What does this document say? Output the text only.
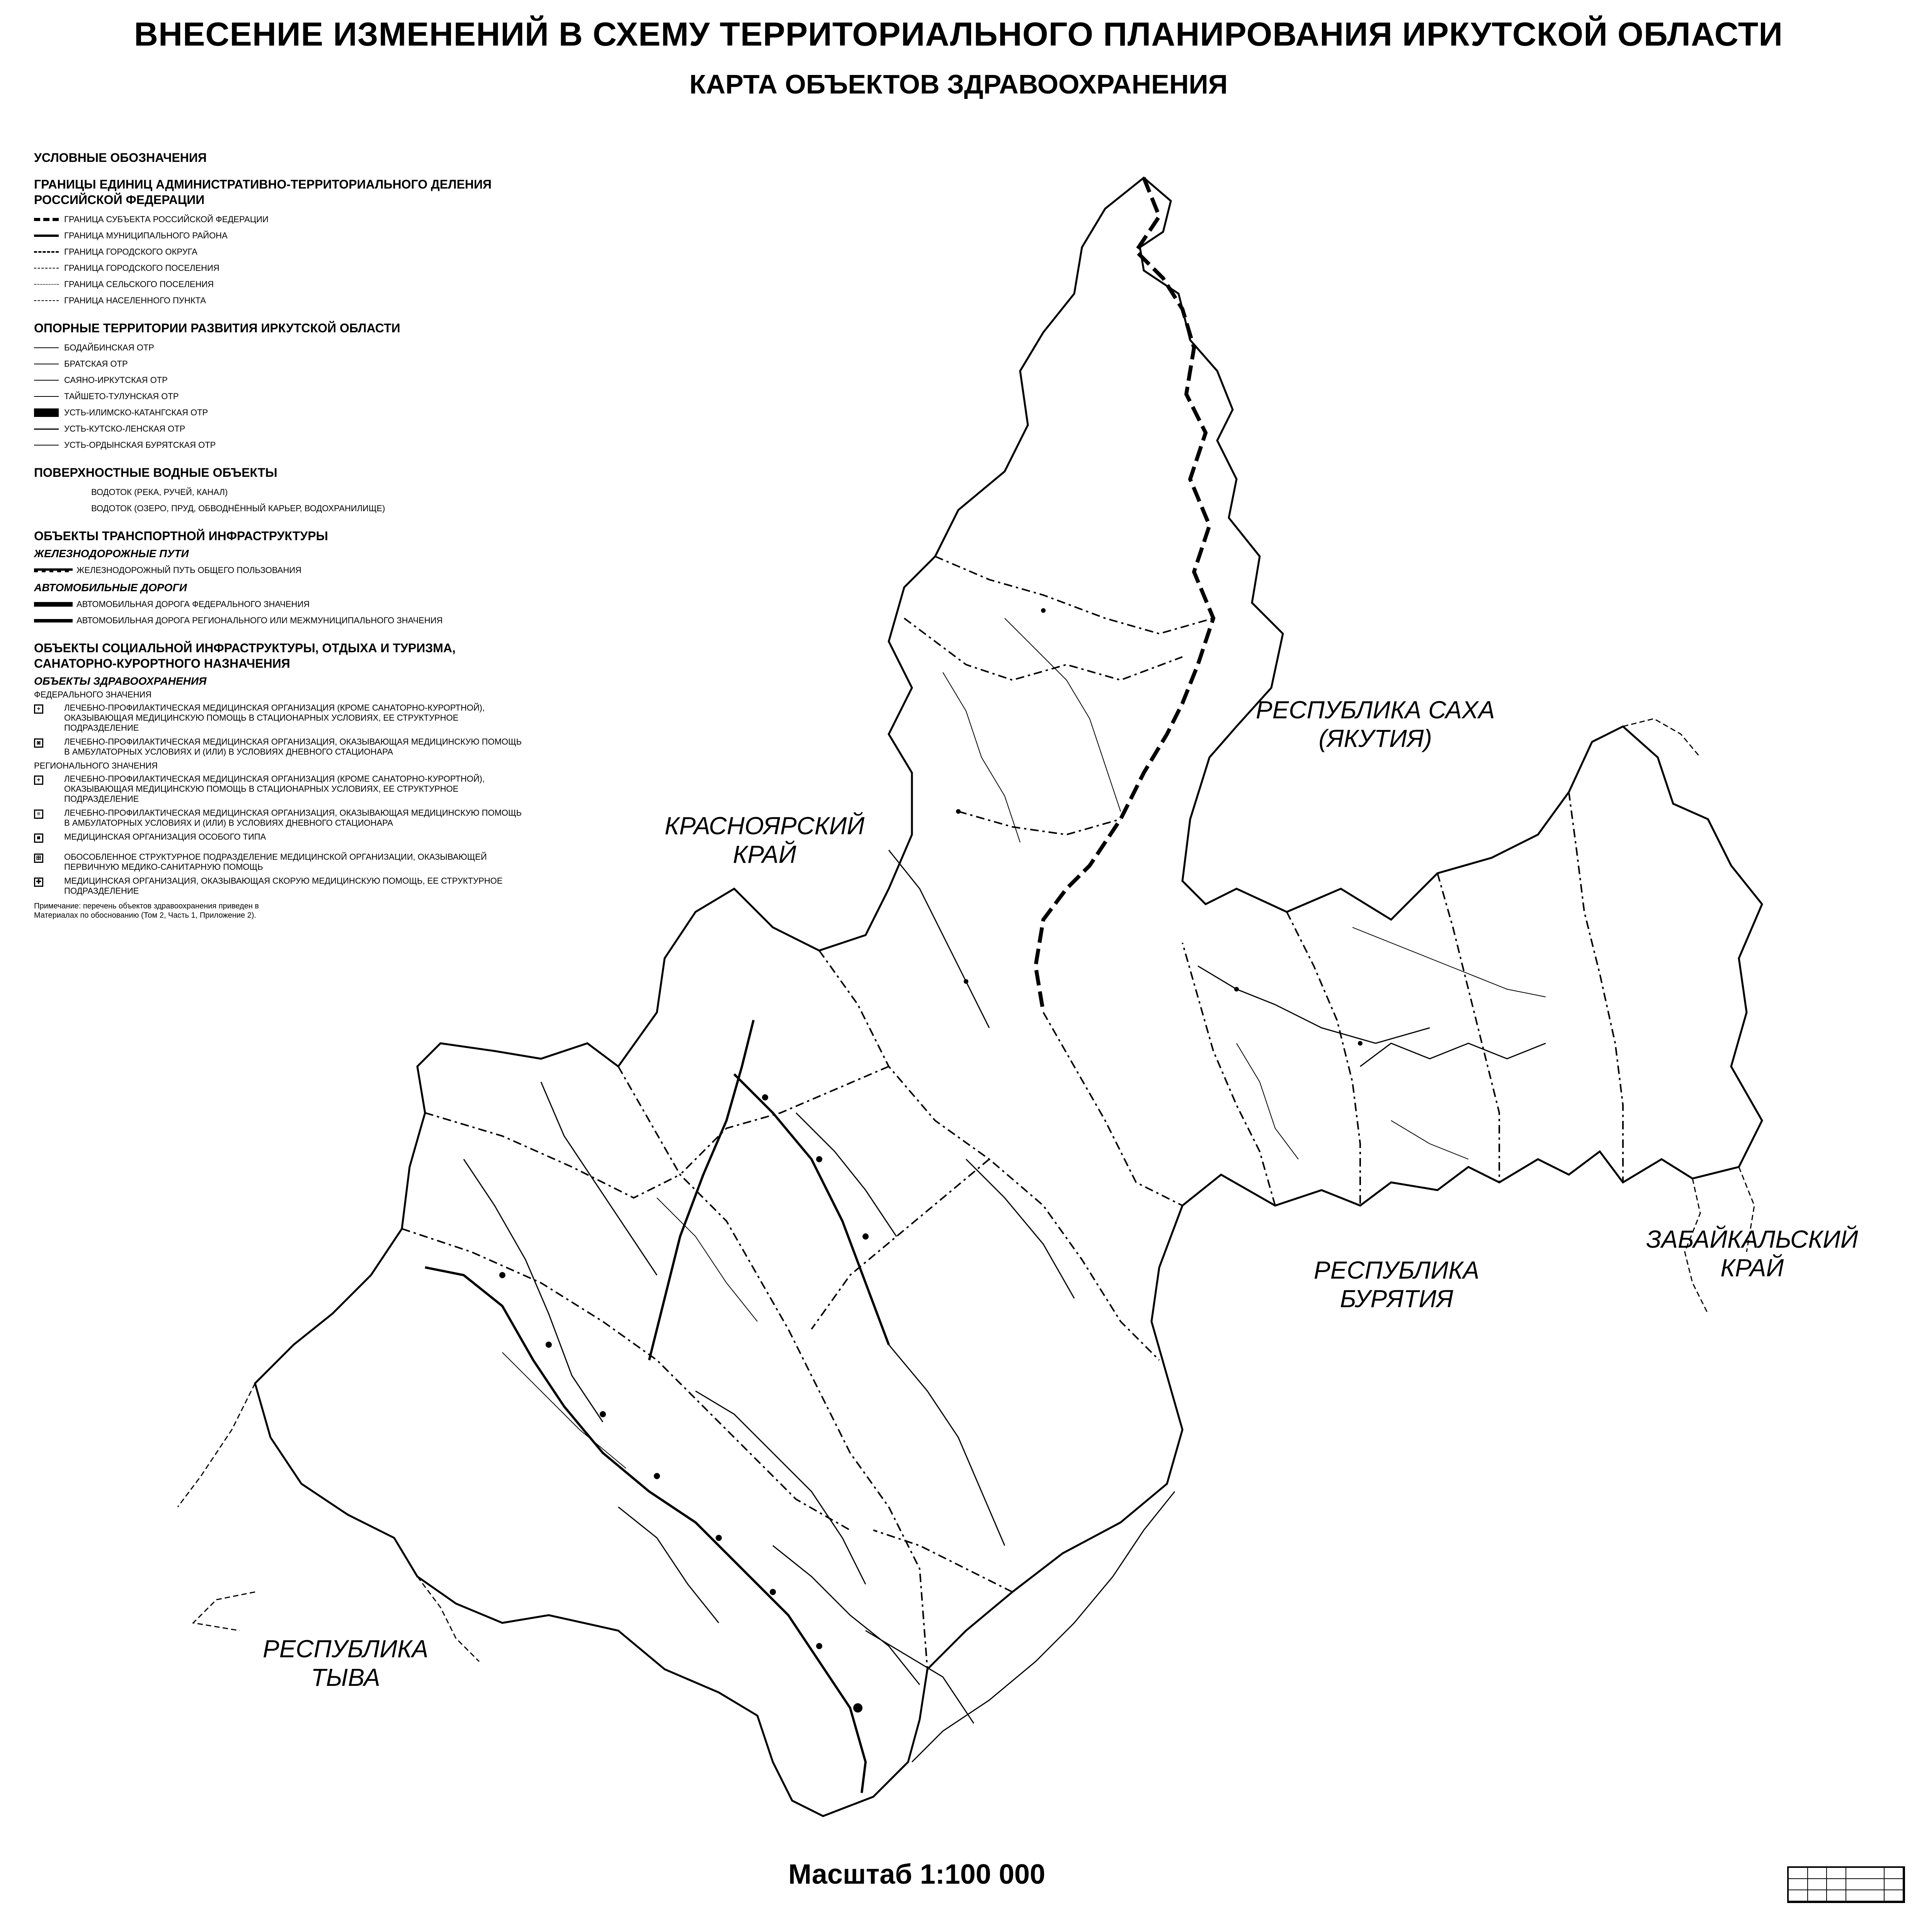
ВНЕСЕНИЕ ИЗМЕНЕНИЙ В СХЕМУ ТЕРРИТОРИАЛЬНОГО ПЛАНИРОВАНИЯ ИРКУТСКОЙ ОБЛАСТИ
КАРТА ОБЪЕКТОВ ЗДРАВООХРАНЕНИЯ
РЕСПУБЛИКА САХА
(ЯКУТИЯ)
КРАСНОЯРСКИЙ
КРАЙ
РЕСПУБЛИКА
БУРЯТИЯ
ЗАБАЙКАЛЬСКИЙ
КРАЙ
РЕСПУБЛИКА
ТЫВА
УСЛОВНЫЕ ОБОЗНАЧЕНИЯ
ГРАНИЦЫ ЕДИНИЦ АДМИНИСТРАТИВНО-ТЕРРИТОРИАЛЬНОГО ДЕЛЕНИЯ РОССИЙСКОЙ ФЕДЕРАЦИИ
ГРАНИЦА СУБЪЕКТА РОССИЙСКОЙ ФЕДЕРАЦИИ
ГРАНИЦА МУНИЦИПАЛЬНОГО РАЙОНА
ГРАНИЦА ГОРОДСКОГО ОКРУГА
ГРАНИЦА ГОРОДСКОГО ПОСЕЛЕНИЯ
ГРАНИЦА СЕЛЬСКОГО ПОСЕЛЕНИЯ
ГРАНИЦА НАСЕЛЕННОГО ПУНКТА
ОПОРНЫЕ ТЕРРИТОРИИ РАЗВИТИЯ ИРКУТСКОЙ ОБЛАСТИ
БОДАЙБИНСКАЯ ОТР
БРАТСКАЯ ОТР
САЯНО-ИРКУТСКАЯ ОТР
ТАЙШЕТО-ТУЛУНСКАЯ ОТР
УСТЬ-ИЛИМСКО-КАТАНГСКАЯ ОТР
УСТЬ-КУТСКО-ЛЕНСКАЯ ОТР
УСТЬ-ОРДЫНСКАЯ БУРЯТСКАЯ ОТР
ПОВЕРХНОСТНЫЕ ВОДНЫЕ ОБЪЕКТЫ
ВОДОТОК (РЕКА, РУЧЕЙ, КАНАЛ)
ВОДОТОК (ОЗЕРО, ПРУД, ОБВОДНЁННЫЙ КАРЬЕР, ВОДОХРАНИЛИЩЕ)
ОБЪЕКТЫ ТРАНСПОРТНОЙ ИНФРАСТРУКТУРЫ
ЖЕЛЕЗНОДОРОЖНЫЕ ПУТИ
ЖЕЛЕЗНОДОРОЖНЫЙ ПУТЬ ОБЩЕГО ПОЛЬЗОВАНИЯ
АВТОМОБИЛЬНЫЕ ДОРОГИ
АВТОМОБИЛЬНАЯ ДОРОГА ФЕДЕРАЛЬНОГО ЗНАЧЕНИЯ
АВТОМОБИЛЬНАЯ ДОРОГА РЕГИОНАЛЬНОГО ИЛИ МЕЖМУНИЦИПАЛЬНОГО ЗНАЧЕНИЯ
ОБЪЕКТЫ СОЦИАЛЬНОЙ ИНФРАСТРУКТУРЫ, ОТДЫХА И ТУРИЗМА, САНАТОРНО-КУРОРТНОГО НАЗНАЧЕНИЯ
ОБЪЕКТЫ ЗДРАВООХРАНЕНИЯ
ФЕДЕРАЛЬНОГО ЗНАЧЕНИЯ
+	ЛЕЧЕБНО-ПРОФИЛАКТИЧЕСКАЯ МЕДИЦИНСКАЯ ОРГАНИЗАЦИЯ (КРОМЕ САНАТОРНО-КУРОРТНОЙ), ОКАЗЫВАЮЩАЯ МЕДИЦИНСКУЮ ПОМОЩЬ В СТАЦИОНАРНЫХ УСЛОВИЯХ, ЕЕ СТРУКТУРНОЕ ПОДРАЗДЕЛЕНИЕ
◙	ЛЕЧЕБНО-ПРОФИЛАКТИЧЕСКАЯ МЕДИЦИНСКАЯ ОРГАНИЗАЦИЯ, ОКАЗЫВАЮЩАЯ МЕДИЦИНСКУЮ ПОМОЩЬ В АМБУЛАТОРНЫХ УСЛОВИЯХ И (ИЛИ) В УСЛОВИЯХ ДНЕВНОГО СТАЦИОНАРА
РЕГИОНАЛЬНОГО ЗНАЧЕНИЯ
+	ЛЕЧЕБНО-ПРОФИЛАКТИЧЕСКАЯ МЕДИЦИНСКАЯ ОРГАНИЗАЦИЯ (КРОМЕ САНАТОРНО-КУРОРТНОЙ), ОКАЗЫВАЮЩАЯ МЕДИЦИНСКУЮ ПОМОЩЬ В СТАЦИОНАРНЫХ УСЛОВИЯХ, ЕЕ СТРУКТУРНОЕ ПОДРАЗДЕЛЕНИЕ
≡	ЛЕЧЕБНО-ПРОФИЛАКТИЧЕСКАЯ МЕДИЦИНСКАЯ ОРГАНИЗАЦИЯ, ОКАЗЫВАЮЩАЯ МЕДИЦИНСКУЮ ПОМОЩЬ В АМБУЛАТОРНЫХ УСЛОВИЯХ И (ИЛИ) В УСЛОВИЯХ ДНЕВНОГО СТАЦИОНАРА
■	МЕДИЦИНСКАЯ ОРГАНИЗАЦИЯ ОСОБОГО ТИПА
⊞	ОБОСОБЛЕННОЕ СТРУКТУРНОЕ ПОДРАЗДЕЛЕНИЕ МЕДИЦИНСКОЙ ОРГАНИЗАЦИИ, ОКАЗЫВАЮЩЕЙ ПЕРВИЧНУЮ МЕДИКО-САНИТАРНУЮ ПОМОЩЬ
✚	МЕДИЦИНСКАЯ ОРГАНИЗАЦИЯ, ОКАЗЫВАЮЩАЯ СКОРУЮ МЕДИЦИНСКУЮ ПОМОЩЬ, ЕЕ СТРУКТУРНОЕ ПОДРАЗДЕЛЕНИЕ
Примечание: перечень объектов здравоохранения приведен в Материалах по обоснованию (Том 2, Часть 1, Приложение 2).
Масштаб 1:100 000
